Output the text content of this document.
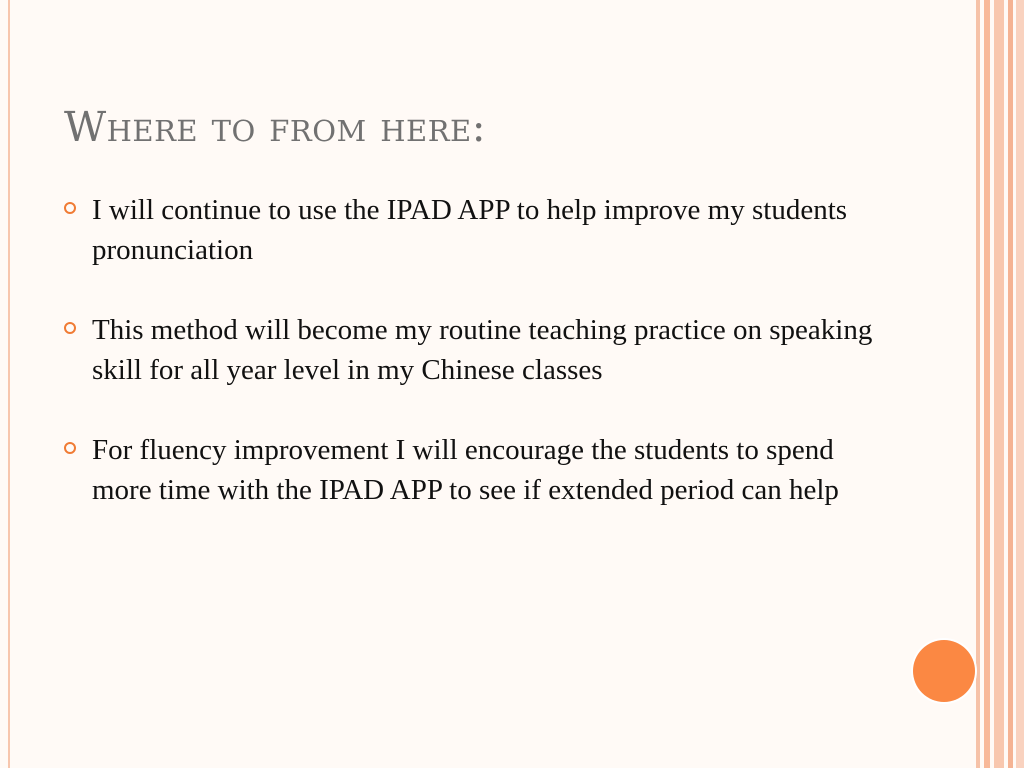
Where to from here:
I will continue to use the IPAD APP to help improve my students pronunciation
This method will become my routine teaching practice on speaking skill for all year level in my Chinese classes
For fluency improvement I will encourage the students to spend more time with the IPAD APP to see if extended period can help
